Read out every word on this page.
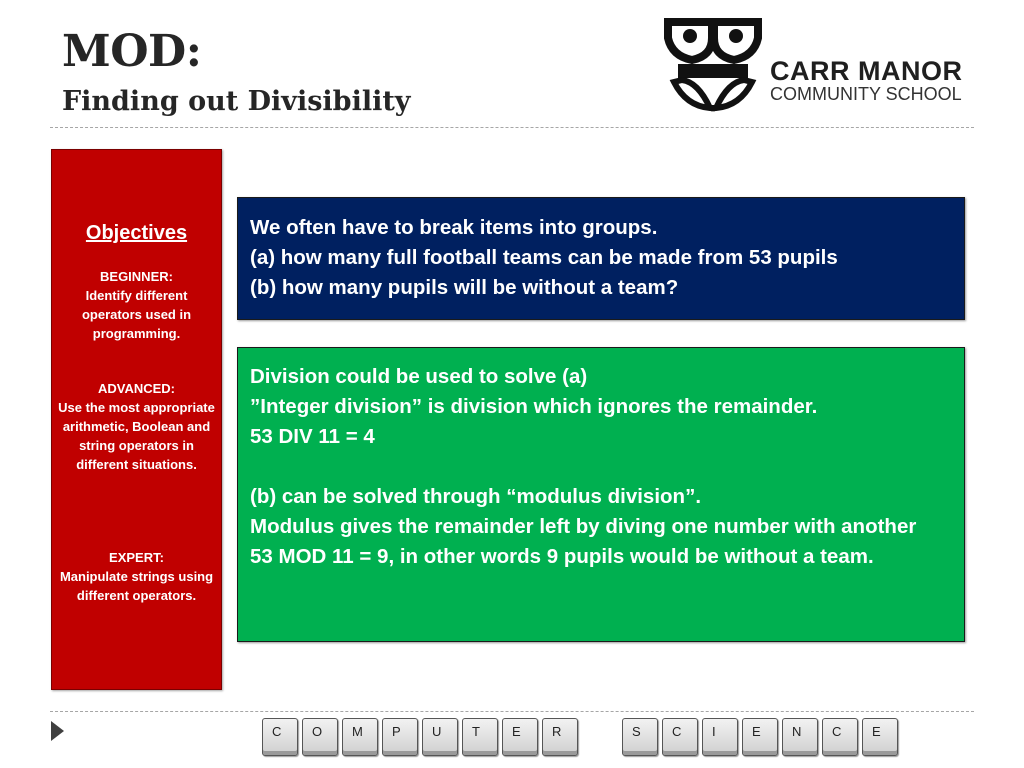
MOD:
Finding out Divisibility
CARR MANOR
COMMUNITY SCHOOL
Objectives
BEGINNER:
Identify different operators used in programming.
ADVANCED:
Use the most appropriate arithmetic, Boolean and string operators in different situations.
EXPERT:
Manipulate strings using different operators.

We often have to break items into groups.

(a) how many full football teams can be made from 53 pupils

(b) how many pupils will be without a team?

Division could be used to solve (a)

”Integer division” is division which ignores the remainder.

53 DIV 11 = 4

(b) can be solved through “modulus division”.

Modulus gives the remainder left by diving one number with another

53 MOD 11 = 9, in other words 9 pupils would be without a team.

C O M P U T E R	S C I	E N C E
